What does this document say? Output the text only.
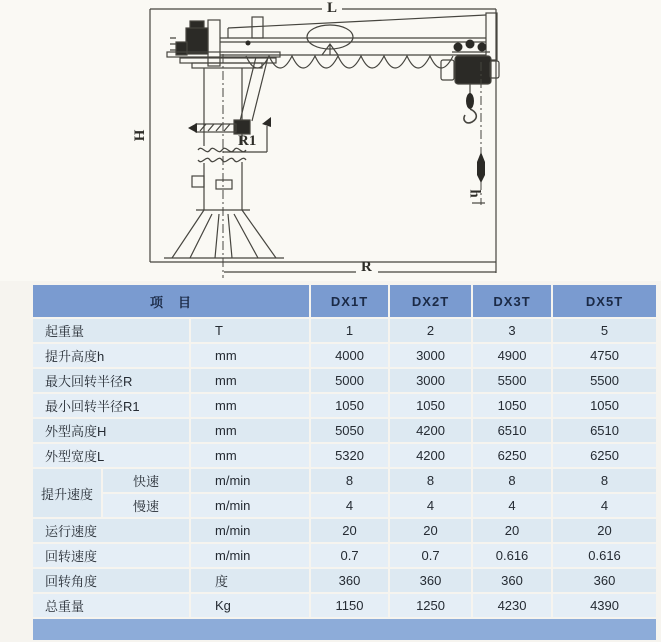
L
H	R1
R
h
项　目			DX1T	DX2T	DX3T	DX5T
起重量		T	1	2	3	5
提升高度h		mm	4000	3000	4900	4750
最大回转半径R		mm	5000	3000	5500	5500
最小回转半径R1		mm	1050	1050	1050	1050
外型高度H		mm	5050	4200	6510	6510
外型宽度L		mm	5320	4200	6250	6250
提升速度	快速	m/min	8	8	8	8
	慢速	m/min	4	4	4	4
运行速度		m/min	20	20	20	20
回转速度		m/min	0.7	0.7	0.616	0.616
回转角度		度	360	360	360	360
总重量		Kg	1150	1250	4230	4390
